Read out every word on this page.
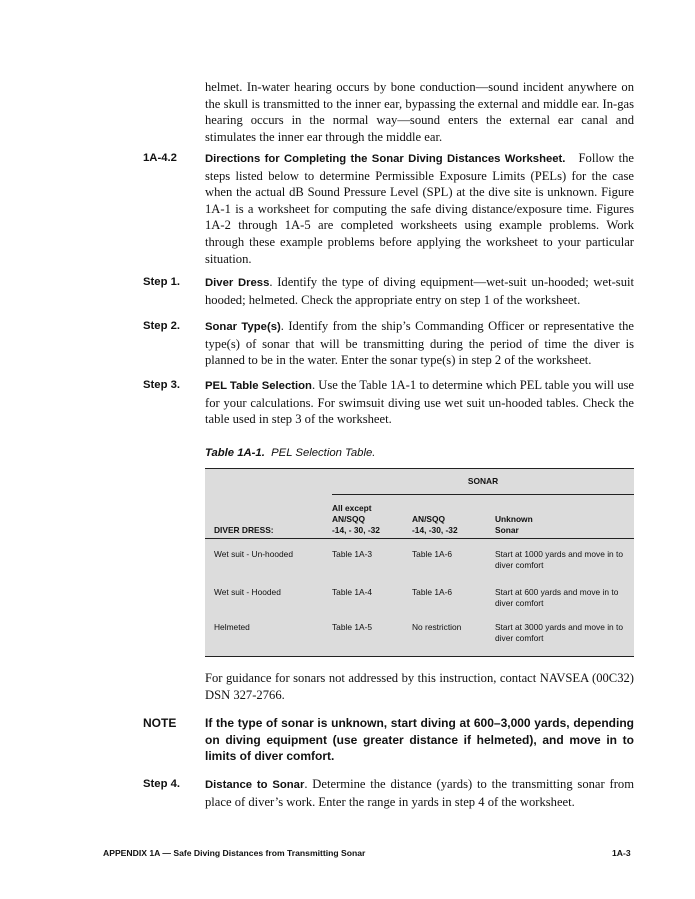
helmet. In-water hearing occurs by bone conduction—sound incident anywhere on the skull is transmitted to the inner ear, bypassing the external and middle ear. In-gas hearing occurs in the normal way—sound enters the external ear canal and stimulates the inner ear through the middle ear.
1A-4.2 Directions for Completing the Sonar Diving Distances Worksheet. Follow the steps listed below to determine Permissible Exposure Limits (PELs) for the case when the actual dB Sound Pressure Level (SPL) at the dive site is unknown. Figure 1A-1 is a worksheet for computing the safe diving distance/exposure time. Figures 1A-2 through 1A-5 are completed worksheets using example problems. Work through these example problems before applying the worksheet to your particular situation.
Step 1. Diver Dress. Identify the type of diving equipment—wet-suit un-hooded; wet-suit hooded; helmeted. Check the appropriate entry on step 1 of the worksheet.
Step 2. Sonar Type(s). Identify from the ship’s Commanding Officer or representative the type(s) of sonar that will be transmitting during the period of time the diver is planned to be in the water. Enter the sonar type(s) in step 2 of the worksheet.
Step 3. PEL Table Selection. Use the Table 1A-1 to determine which PEL table you will use for your calculations. For swimsuit diving use wet suit un-hooded tables. Check the table used in step 3 of the worksheet.
Table 1A-1. PEL Selection Table.
	SONAR		
DIVER DRESS:	All except
AN/SQQ
-14, - 30, -32	AN/SQQ
-14, -30, -32	Unknown
Sonar
Wet suit - Un-hooded	Table 1A-3	Table 1A-6	Start at 1000 yards and move in to diver comfort
Wet suit - Hooded	Table 1A-4	Table 1A-6	Start at 600 yards and move in to diver comfort
Helmeted	Table 1A-5	No restriction	Start at 3000 yards and move in to diver comfort
For guidance for sonars not addressed by this instruction, contact NAVSEA (00C32) DSN 327-2766.
NOTE If the type of sonar is unknown, start diving at 600–3,000 yards, depending on diving equipment (use greater distance if helmeted), and move in to limits of diver comfort.
Step 4. Distance to Sonar. Determine the distance (yards) to the transmitting sonar from place of diver’s work. Enter the range in yards in step 4 of the worksheet.
APPENDIX 1A — Safe Diving Distances from Transmitting Sonar	1A-3
